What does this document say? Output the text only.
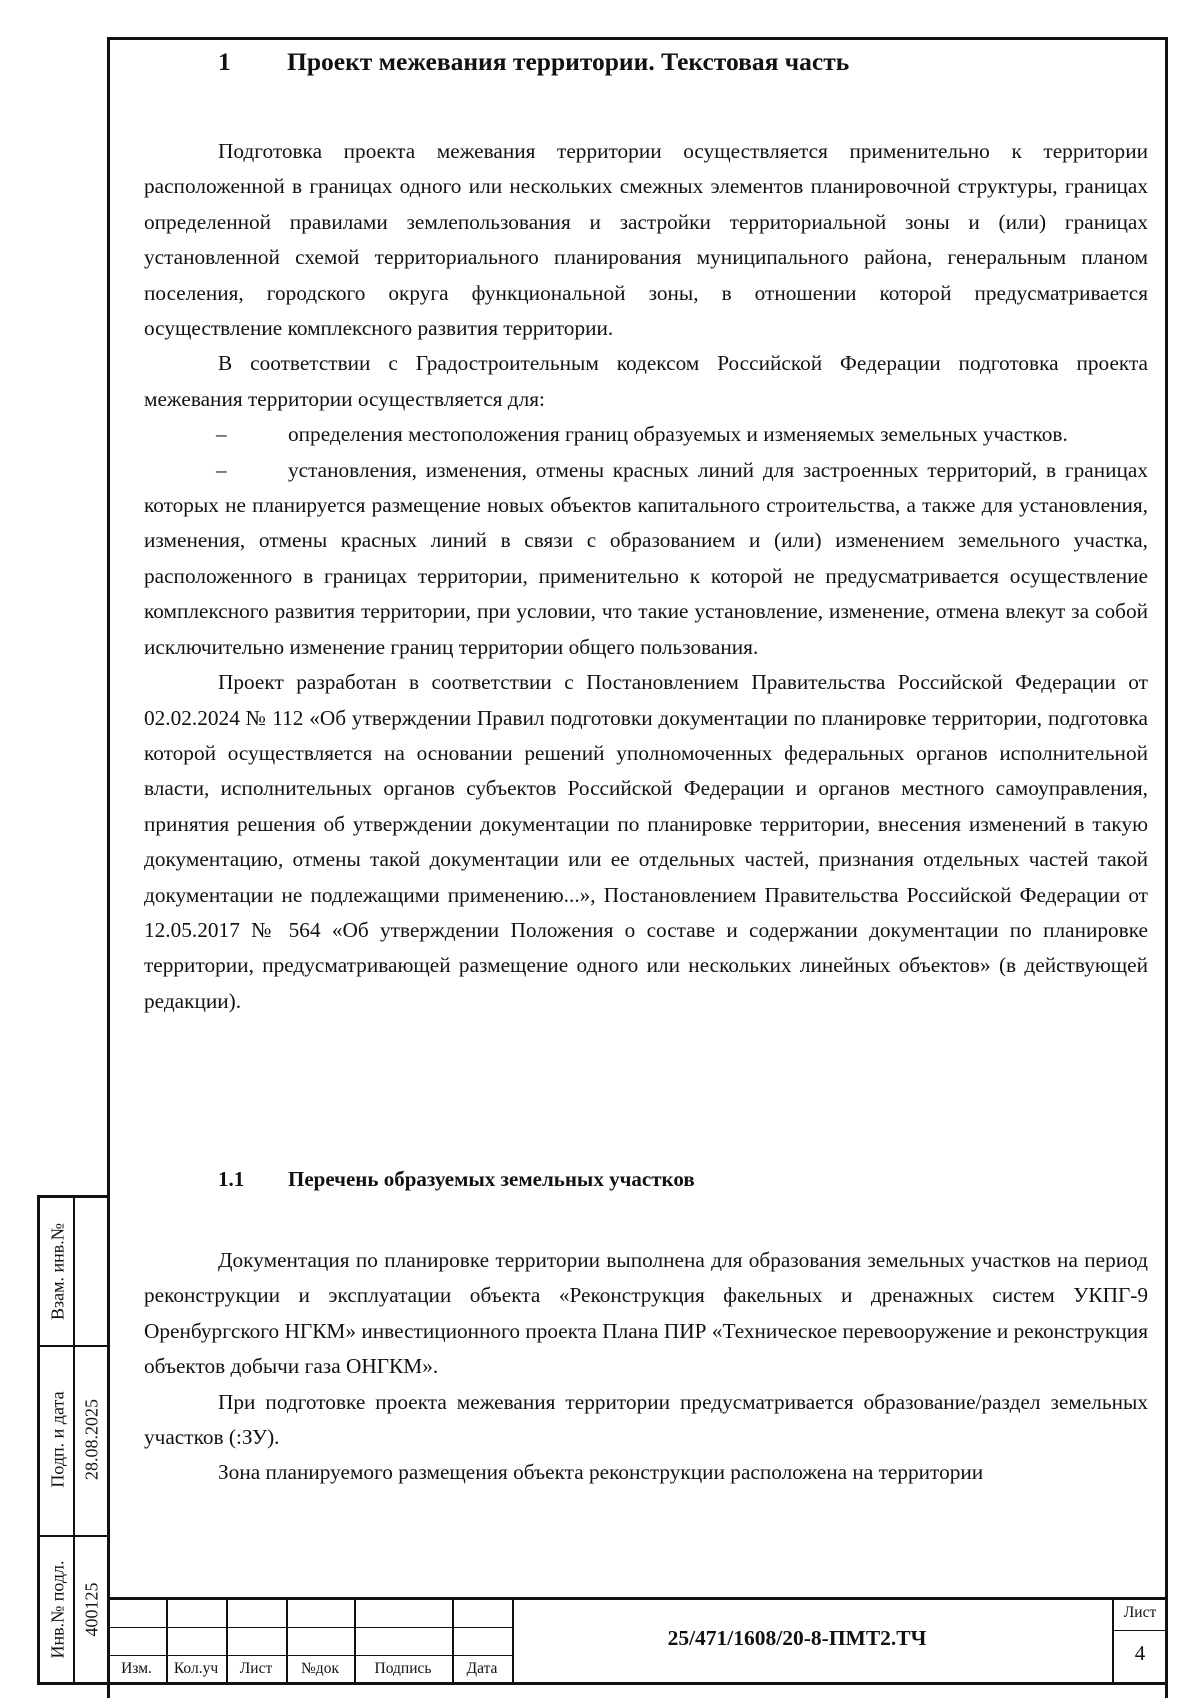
1 Проект межевания территории. Текстовая часть

Подготовка проекта межевания территории осуществляется применительно к территории расположенной в границах одного или нескольких смежных элементов планировочной структуры, границах определенной правилами землепользования и застройки территориальной зоны и (или) границах установленной схемой территориального планирования муниципального района, генеральным планом поселения, городского округа функциональной зоны, в отношении которой предусматривается осуществление комплексного развития территории.

В соответствии с Градостроительным кодексом Российской Федерации подготовка проекта межевания территории осуществляется для:

–	определения местоположения границ образуемых и изменяемых земельных участков.

–	установления, изменения, отмены красных линий для застроенных территорий, в границах которых не планируется размещение новых объектов капитального строительства, а также для установления, изменения, отмены красных линий в связи с образованием и (или) изменением земельного участка, расположенного в границах территории, применительно к которой не предусматривается осуществление комплексного развития территории, при условии, что такие установление, изменение, отмена влекут за собой исключительно изменение границ территории общего пользования.

Проект разработан в соответствии с Постановлением Правительства Российской Федерации от 02.02.2024 № 112 «Об утверждении Правил подготовки документации по планировке территории, подготовка которой осуществляется на основании решений уполномоченных федеральных органов исполнительной власти, исполнительных органов субъектов Российской Федерации и органов местного самоуправления, принятия решения об утверждении документации по планировке территории, внесения изменений в такую документацию, отмены такой документации или ее отдельных частей, признания отдельных частей такой документации не подлежащими применению...», Постановлением Правительства Российской Федерации от 12.05.2017 № 564 «Об утверждении Положения о составе и содержании документации по планировке территории, предусматривающей размещение одного или нескольких линейных объектов» (в действующей редакции).

1.1 Перечень образуемых земельных участков

Документация по планировке территории выполнена для образования земельных участков на период реконструкции и эксплуатации объекта «Реконструкция факельных и дренажных систем УКПГ-9 Оренбургского НГКМ» инвестиционного проекта Плана ПИР «Техническое перевооружение и реконструкция объектов добычи газа ОНГКМ».

При подготовке проекта межевания территории предусматривается образование/раздел земельных участков (:ЗУ).

Зона планируемого размещения объекта реконструкции расположена на территории

Взам. инв.№
Подп. и дата 28.08.2025
Инв.№ подл. 400125
Изм.	Кол.уч	Лист	№док	Подпись	Дата
25/471/1608/20-8-ПМТ2.ТЧ
Лист
4
